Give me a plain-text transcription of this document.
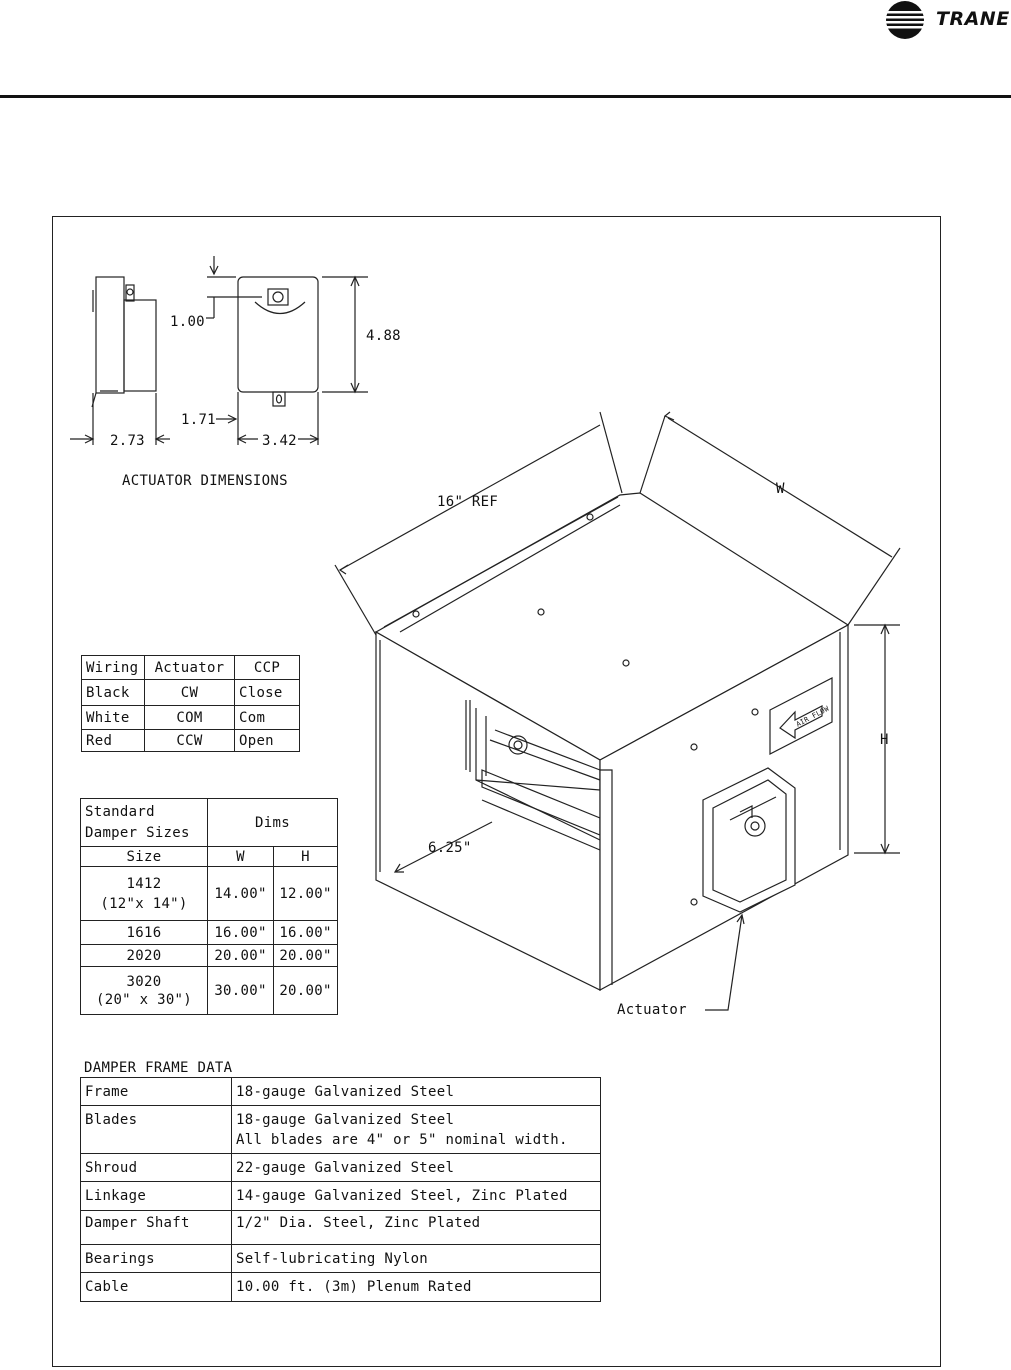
TRANE
1.00
4.88
1.71
2.73	3.42
ACTUATOR DIMENSIONS
16" REF
W
H
6.25"
Actuator
AIR FLOW
Wiring	Actuator	CCP
Black	CW	Close
White	COM	Com
Red	CCW	Open
Standard Damper Sizes	Dims	
Size	W	H

1412
(12"x 14")	14.00"	12.00"
1616	16.00"	16.00"
2020	20.00"	20.00"

3020
(20" x 30")	30.00"	20.00"
DAMPER FRAME DATA
Frame	18-gauge Galvanized Steel
Blades	18-gauge Galvanized Steel
All blades are 4" or 5" nominal width.

Shroud	22-gauge Galvanized Steel
Linkage	14-gauge Galvanized Steel, Zinc Plated
Damper Shaft	1/2" Dia. Steel, Zinc Plated
Bearings	Self-lubricating Nylon
Cable	10.00 ft. (3m) Plenum Rated
